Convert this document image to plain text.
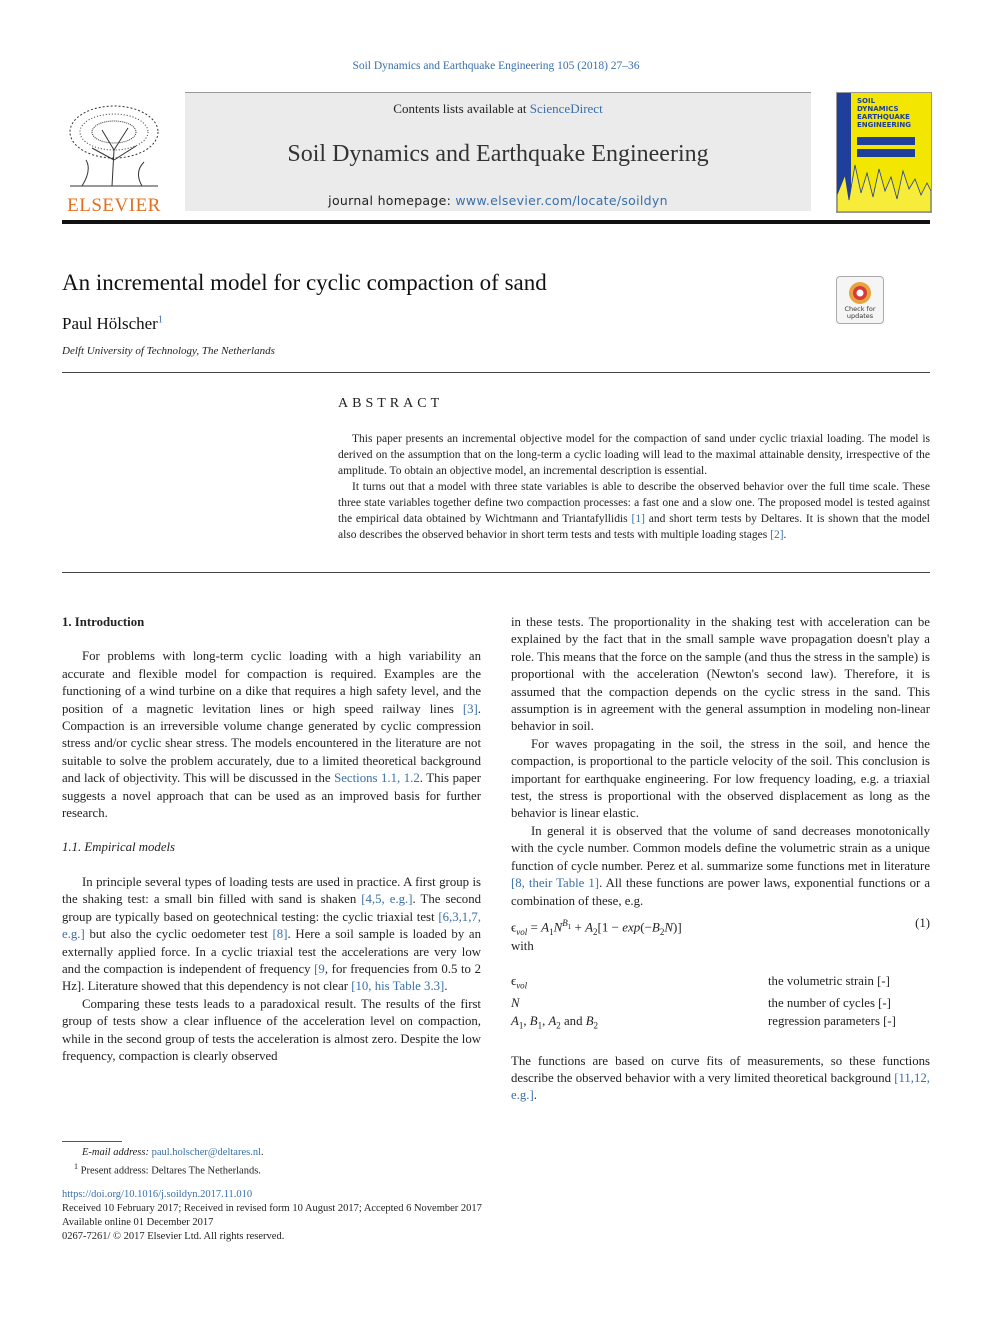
Soil Dynamics and Earthquake Engineering 105 (2018) 27–36
ELSEVIER
Contents lists available at ScienceDirect
Soil Dynamics and Earthquake Engineering
journal homepage: www.elsevier.com/locate/soildyn
SOIL
DYNAMICS
EARTHQUAKE
ENGINEERING
An incremental model for cyclic compaction of sand
Check for updates
Paul Hölscher$^1$
Delft University of Technology, The Netherlands
ABSTRACT

This paper presents an incremental objective model for the compaction of sand under cyclic triaxial loading. The model is derived on the assumption that on the long-term a cyclic loading will lead to the maximal attainable density, irrespective of the amplitude. To obtain an objective model, an incremental description is essential.

It turns out that a model with three state variables is able to describe the observed behavior over the full time scale. These three state variables together define two compaction processes: a fast one and a slow one. The proposed model is tested against the empirical data obtained by Wichtmann and Triantafyllidis [1] and short term tests by Deltares. It is shown that the model also describes the observed behavior in short term tests and tests with multiple loading stages [2].

1. Introduction

For problems with long-term cyclic loading with a high variability an accurate and flexible model for compaction is required. Examples are the functioning of a wind turbine on a dike that requires a high safety level, and the position of a magnetic levitation lines or high speed railway lines [3]. Compaction is an irreversible volume change generated by cyclic compression stress and/or cyclic shear stress. The models encountered in the literature are not suitable to solve the problem accurately, due to a limited theoretical background and lack of objectivity. This will be discussed in the Sections 1.1, 1.2. This paper suggests a novel approach that can be used as an improved basis for further research.

1.1. Empirical models

In principle several types of loading tests are used in practice. A first group is the shaking test: a small bin filled with sand is shaken [4,5, e.g.]. The second group are typically based on geotechnical testing: the cyclic triaxial test [6,3,1,7, e.g.] but also the cyclic oedometer test [8]. Here a soil sample is loaded by an externally applied force. In a cyclic triaxial test the accelerations are very low and the compaction is independent of frequency [9, for frequencies from 0.5 to 2 Hz]. Literature showed that this dependency is not clear [10, his Table 3.3].

Comparing these tests leads to a paradoxical result. The results of the first group of tests show a clear influence of the acceleration level on compaction, while in the second group of tests the acceleration is almost zero. Despite the low frequency, compaction is clearly observed

in these tests. The proportionality in the shaking test with acceleration can be explained by the fact that in the small sample wave propagation doesn't play a role. This means that the force on the sample (and thus the stress in the sample) is proportional with the acceleration (Newton's second law). Therefore, it is assumed that the compaction depends on the cyclic stress in the sand. This assumption is in agreement with the general assumption in modeling non-linear behavior in soil.

For waves propagating in the soil, the stress in the soil, and hence the compaction, is proportional to the particle velocity of the soil. This conclusion is important for earthquake engineering. For low frequency loading, e.g. a triaxial test, the stress is proportional with the observed displacement as long as the behavior is linear elastic.

In general it is observed that the volume of sand decreases monotonically with the cycle number. Common models define the volumetric strain as a unique function of cycle number. Perez et al. summarize some functions met in literature [8, their Table 1]. All these functions are power laws, exponential functions or a combination of these, e.g.

$\epsilon_{vol} = A_1N^{B_1} + A_2[1 - \exp(-B_2N)]$	(1)
with
$\epsilon_{vol}$	the volumetric strain [-]
N	the number of cycles [-]
$A_1$, $B_1$, $A_2$ and $B_2$	regression parameters [-]

The functions are based on curve fits of measurements, so these functions describe the observed behavior with a very limited theoretical background [11,12, e.g.].

E-mail address: paul.holscher@deltares.nl.
$^1$ Present address: Deltares The Netherlands.
https://doi.org/10.1016/j.soildyn.2017.11.010
Received 10 February 2017; Received in revised form 10 August 2017; Accepted 6 November 2017
Available online 01 December 2017
0267-7261/ © 2017 Elsevier Ltd. All rights reserved.
